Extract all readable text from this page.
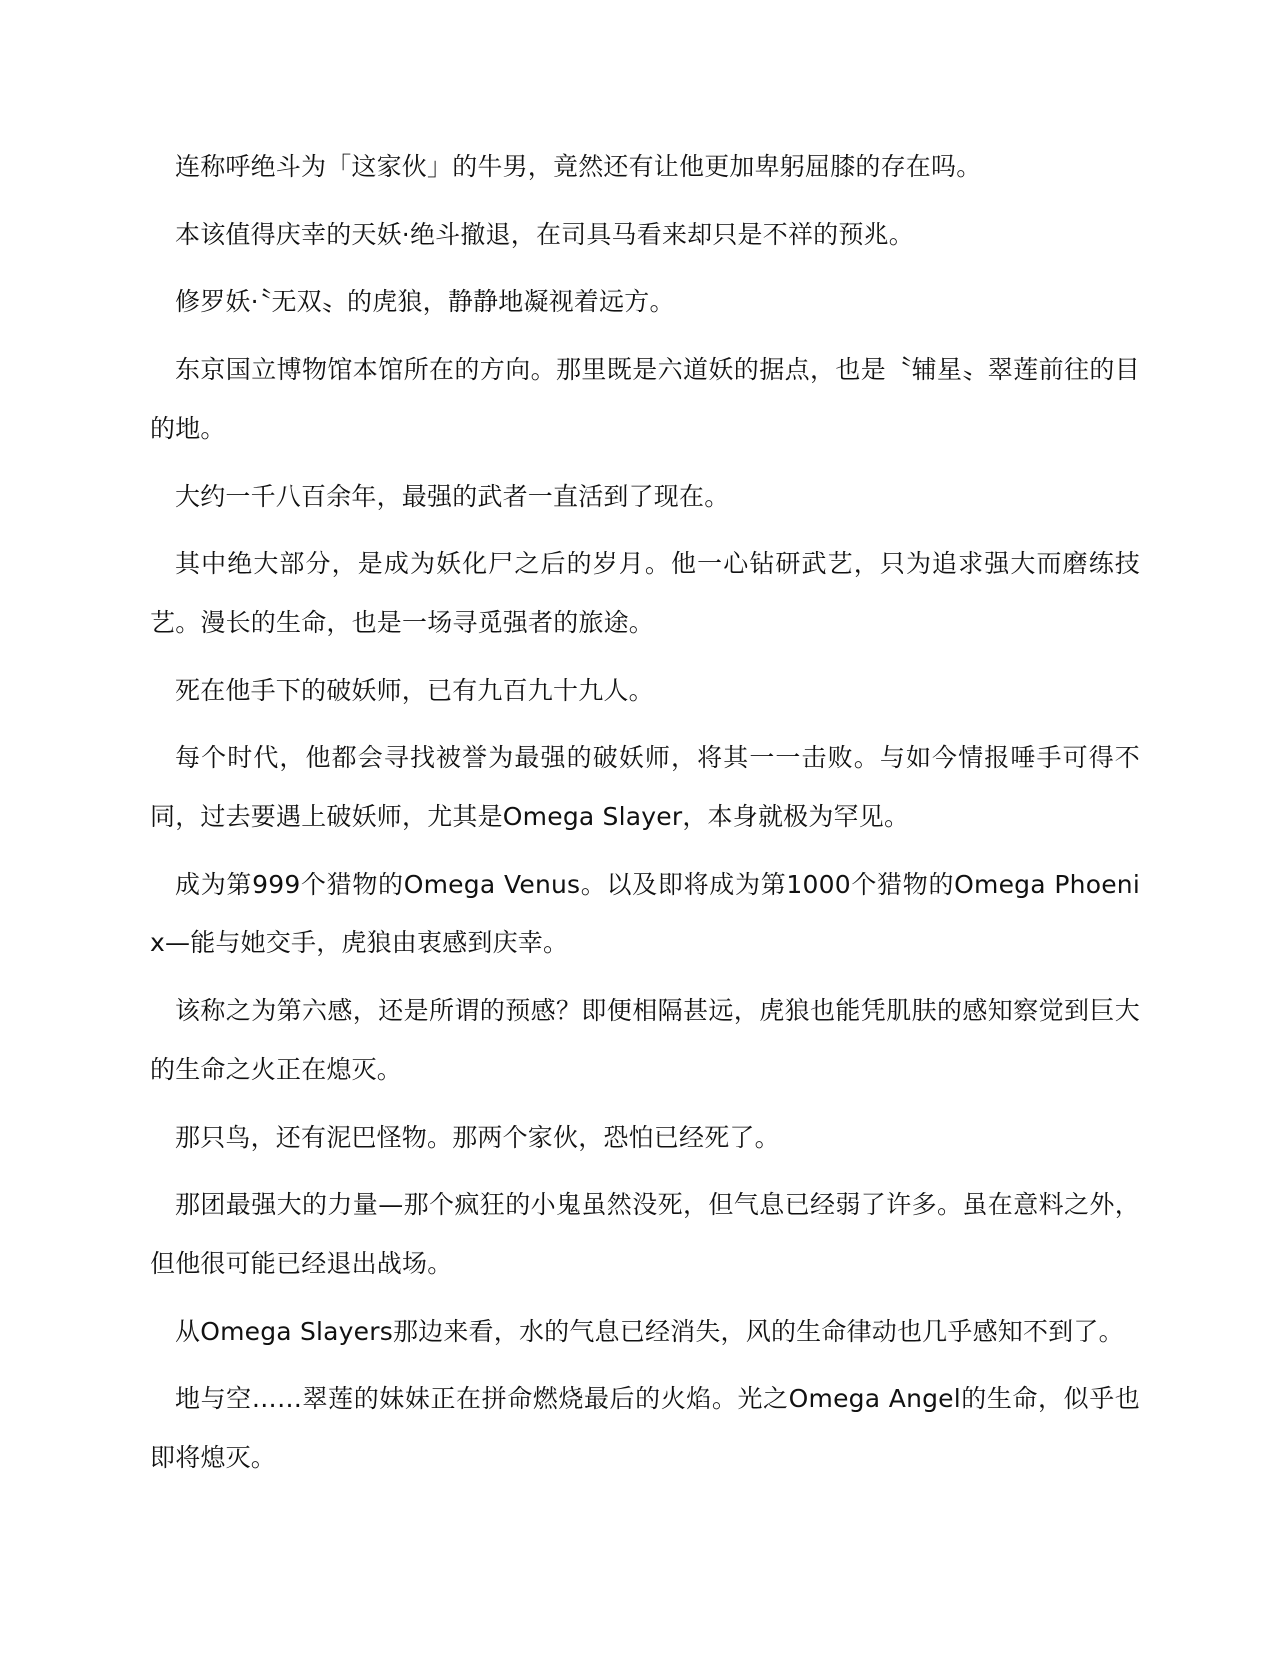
连称呼绝斗为「这家伙」的牛男，竟然还有让他更加卑躬屈膝的存在吗。

本该值得庆幸的天妖·绝斗撤退，在司具马看来却只是不祥的预兆。

修罗妖·〝无双〟的虎狼，静静地凝视着远方。

东京国立博物馆本馆所在的方向。那里既是六道妖的据点，也是〝辅星〟翠莲前往的目的地。

大约一千八百余年，最强的武者一直活到了现在。

其中绝大部分，是成为妖化尸之后的岁月。他一心钻研武艺，只为追求强大而磨练技艺。漫长的生命，也是一场寻觅强者的旅途。

死在他手下的破妖师，已有九百九十九人。

每个时代，他都会寻找被誉为最强的破妖师，将其一一击败。与如今情报唾手可得不同，过去要遇上破妖师，尤其是Omega Slayer，本身就极为罕见。

成为第999个猎物的Omega Venus。以及即将成为第1000个猎物的Omega Phoenix—能与她交手，虎狼由衷感到庆幸。

该称之为第六感，还是所谓的预感？即便相隔甚远，虎狼也能凭肌肤的感知察觉到巨大的生命之火正在熄灭。

那只鸟，还有泥巴怪物。那两个家伙，恐怕已经死了。

那团最强大的力量—那个疯狂的小鬼虽然没死，但气息已经弱了许多。虽在意料之外，但他很可能已经退出战场。

从Omega Slayers那边来看，水的气息已经消失，风的生命律动也几乎感知不到了。

地与空……翠莲的妹妹正在拼命燃烧最后的火焰。光之Omega Angel的生命，似乎也即将熄灭。
